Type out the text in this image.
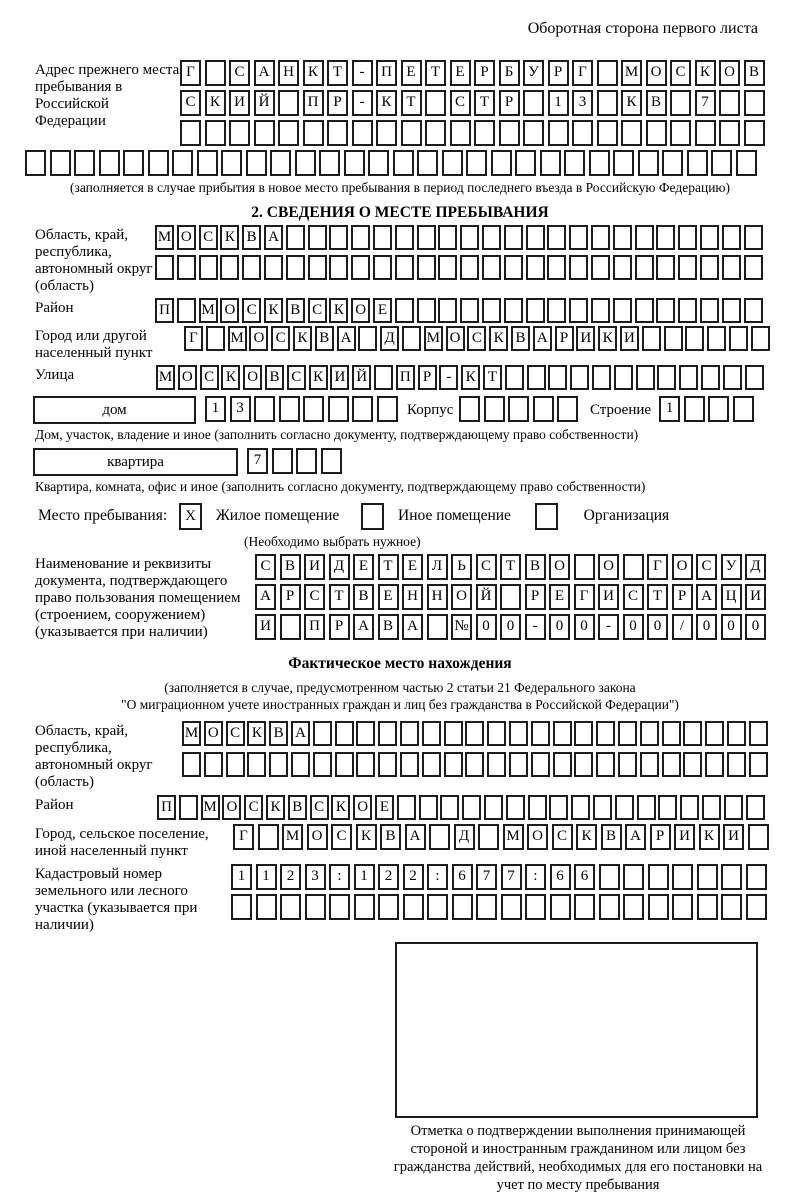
Оборотная сторона первого листа
Адрес прежнего места пребывания в Российской Федерации
Г	С А Н К Т - П Е Т Е Р Б У Р Г	М О С К О В
С К И Й	П Р - К Т	С Т Р	1 3	К В	7

(заполняется в случае прибытия в новое место пребывания в период последнего въезда в Российскую Федерацию)
2. СВЕДЕНИЯ О МЕСТЕ ПРЕБЫВАНИЯ
Область, край, республика, автономный округ (область)
М О С К В А

Район	П М О С К В С К О Е
Город или другой населенный пункт
Г М О С К В А Д М О С К В А Р И К И
Улица	М О С К О В С К И Й П Р - К Т
дом	1 3	Корпус	Строение 1
Дом, участок, владение и иное (заполнить согласно документу, подтверждающему право собственности)
квартира	7
Квартира, комната, офис и иное (заполнить согласно документу, подтверждающему право собственности)
Место пребывания: X Жилое помещение	Иное помещение	Организация
(Необходимо выбрать нужное)
Наименование и реквизиты документа, подтверждающего право пользования помещением (строением, сооружением) (указывается при наличии)
С В И Д Е Т Е Л Ь С Т В О	О	Г О С У Д
А Р С Т В Е Н Н О Й	Р Е Г И С Т Р А Ц И
И	П Р А В А № 0 0 - 0 0 - 0 0 / 0 0 0
Фактическое место нахождения
(заполняется в случае, предусмотренном частью 2 статьи 21 Федерального закона
"О миграционном учете иностранных граждан и лиц без гражданства в Российской Федерации")
Область, край, республика, автономный округ (область)
М О С К В А

Район	П М О С К В С К О Е
Город, сельское поселение, иной населенный пункт
Г	М О С К В А	Д М О С К В А Р И К И
Кадастровый номер земельного или лесного участка (указывается при наличии)
1 1 2 3 : 1 2 2 : 6 7 7 : 6 6

Отметка о подтверждении выполнения принимающей стороной и иностранным гражданином или лицом без гражданства действий, необходимых для его постановки на учет по месту пребывания
